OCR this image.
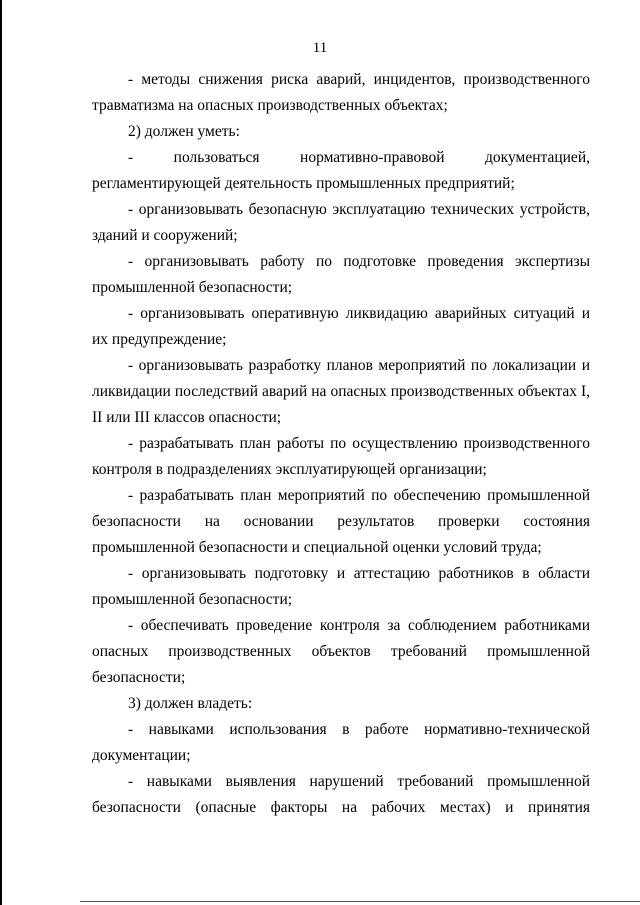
11

- методы снижения риска аварий, инцидентов, производственного травматизма на опасных производственных объектах;

2) должен уметь:

- пользоваться нормативно-правовой документацией, регламентирующей деятельность промышленных предприятий;

- организовывать безопасную эксплуатацию технических устройств, зданий и сооружений;

- организовывать работу по подготовке проведения экспертизы промышленной безопасности;

- организовывать оперативную ликвидацию аварийных ситуаций и их предупреждение;

- организовывать разработку планов мероприятий по локализации и ликвидации последствий аварий на опасных производственных объектах I, II или III классов опасности;

- разрабатывать план работы по осуществлению производственного контроля в подразделениях эксплуатирующей организации;

- разрабатывать план мероприятий по обеспечению промышленной безопасности на основании результатов проверки состояния промышленной безопасности и специальной оценки условий труда;

- организовывать подготовку и аттестацию работников в области промышленной безопасности;

- обеспечивать проведение контроля за соблюдением работниками опасных производственных объектов требований промышленной безопасности;

3) должен владеть:

- навыками использования в работе нормативно-технической документации;

- навыками выявления нарушений требований промышленной безопасности (опасные факторы на рабочих местах) и принятия
